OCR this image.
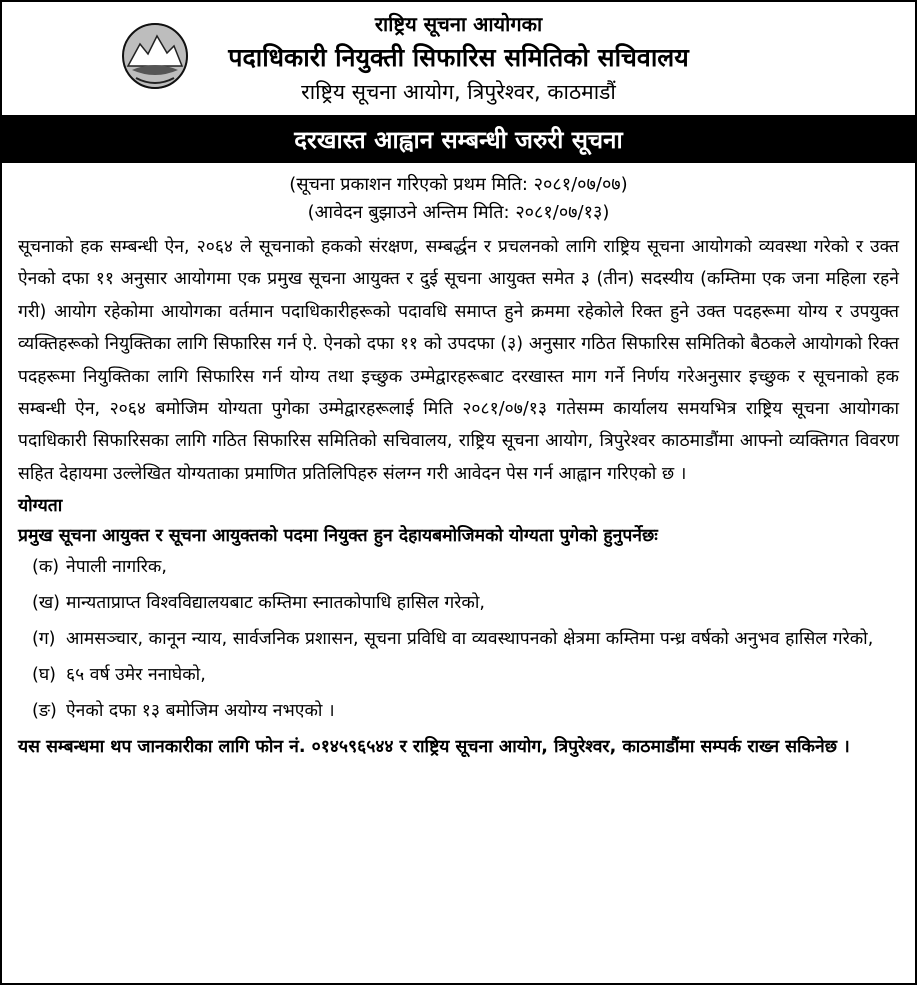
राष्ट्रिय सूचना आयोगका
पदाधिकारी नियुक्ती सिफारिस समितिको सचिवालय
राष्ट्रिय सूचना आयोग, त्रिपुरेश्वर, काठमाडौं
दरखास्त आह्वान सम्बन्धी जरुरी सूचना
(सूचना प्रकाशन गरिएको प्रथम मिति: २०८१/०७/०७)
(आवेदन बुझाउने अन्तिम मिति: २०८१/०७/१३)
सूचनाको हक सम्बन्धी ऐन, २०६४ ले सूचनाको हकको संरक्षण, सम्बर्द्धन र प्रचलनको लागि राष्ट्रिय सूचना आयोगको व्यवस्था गरेको र उक्त ऐनको दफा ११ अनुसार आयोगमा एक प्रमुख सूचना आयुक्त र दुई सूचना आयुक्त समेत ३ (तीन) सदस्यीय (कम्तिमा एक जना महिला रहने गरी) आयोग रहेकोमा आयोगका वर्तमान पदाधिकारीहरूको पदावधि समाप्त हुने क्रममा रहेकोले रिक्त हुने उक्त पदहरूमा योग्य र उपयुक्त व्यक्तिहरूको नियुक्तिका लागि सिफारिस गर्न ऐ. ऐनको दफा ११ को उपदफा (३) अनुसार गठित सिफारिस समितिको बैठकले आयोगको रिक्त पदहरूमा नियुक्तिका लागि सिफारिस गर्न योग्य तथा इच्छुक उम्मेद्वारहरूबाट दरखास्त माग गर्ने निर्णय गरेअनुसार इच्छुक र सूचनाको हक सम्बन्धी ऐन, २०६४ बमोजिम योग्यता पुगेका उम्मेद्वारहरूलाई मिति २०८१/०७/१३ गतेसम्म कार्यालय समयभित्र राष्ट्रिय सूचना आयोगका पदाधिकारी सिफारिसका लागि गठित सिफारिस समितिको सचिवालय, राष्ट्रिय सूचना आयोग, त्रिपुरेश्वर काठमाडौंमा आफ्नो व्यक्तिगत विवरण सहित देहायमा उल्लेखित योग्यताका प्रमाणित प्रतिलिपिहरु संलग्न गरी आवेदन पेस गर्न आह्वान गरिएको छ ।
योग्यता
प्रमुख सूचना आयुक्त र सूचना आयुक्तको पदमा नियुक्त हुन देहायबमोजिमको योग्यता पुगेको हुनुपर्नेछः
(क) नेपाली नागरिक,
(ख) मान्यताप्राप्त विश्वविद्यालयबाट कम्तिमा स्नातकोपाधि हासिल गरेको,
(ग) आमसञ्चार, कानून न्याय, सार्वजनिक प्रशासन, सूचना प्रविधि वा व्यवस्थापनको क्षेत्रमा कम्तिमा पन्ध्र वर्षको अनुभव हासिल गरेको,
(घ) ६५ वर्ष उमेर ननाघेको,
(ङ) ऐनको दफा १३ बमोजिम अयोग्य नभएको ।
यस सम्बन्धमा थप जानकारीका लागि फोन नं. ०१४५९६५४४ र राष्ट्रिय सूचना आयोग, त्रिपुरेश्वर, काठमाडौंमा सम्पर्क राख्न सकिनेछ ।
